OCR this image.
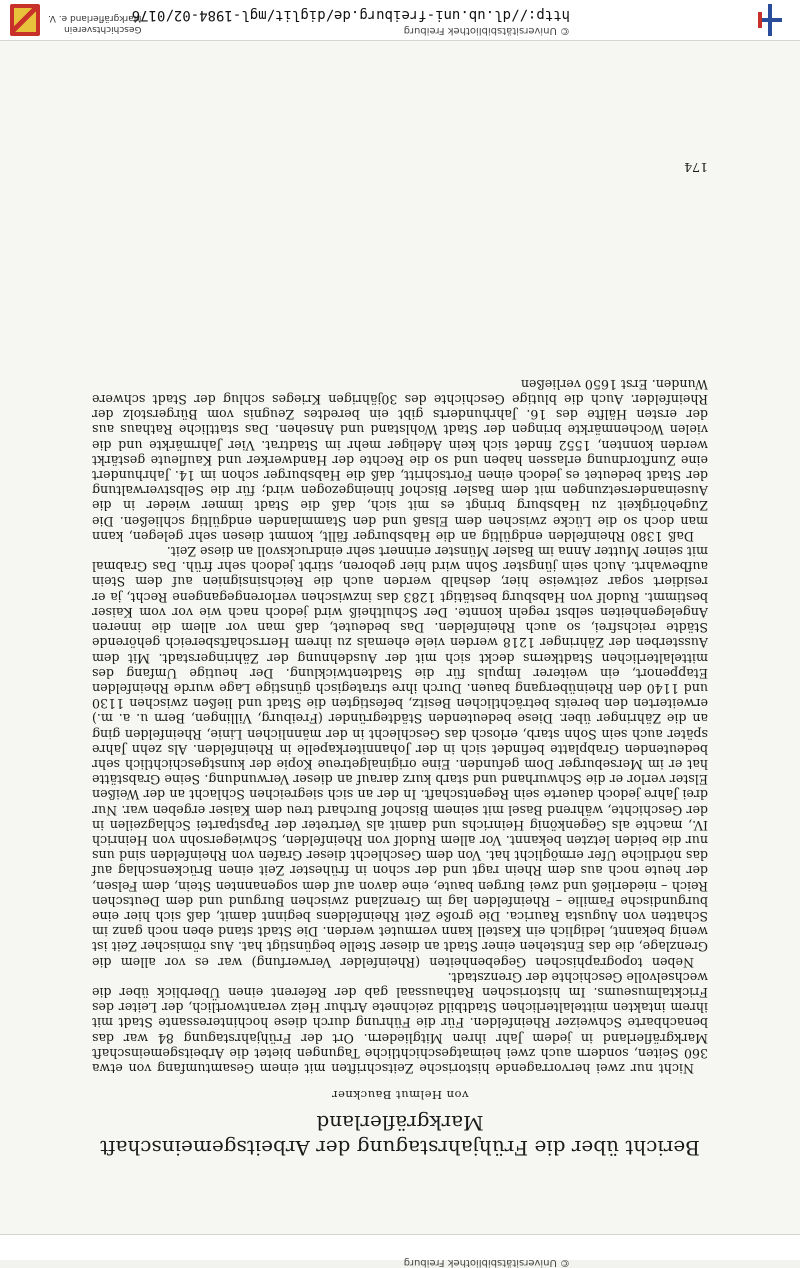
© Universitätsbibliothek Freiburg
http://dl.ub.uni-freiburg.de/diglit/mgl-1984-02/0176
Geschichtsverein
Markgräflerland e. V.
Bericht über die Frühjahrstagung der Arbeitsgemeinschaft
Markgräflerland
von Helmut Bauckner

Nicht nur zwei hervorragende historische Zeitschriften mit einem Gesamtumfang von etwa 360 Seiten, sondern auch zwei heimatgeschichtliche Tagungen bietet die Arbeitsgemeinschaft Markgräflerland in jedem Jahr ihren Mitgliedern. Ort der Frühjahrstagung 84 war das benachbarte Schweizer Rheinfelden. Für die Führung durch diese hochinteressante Stadt mit ihrem intakten mittelalterlichen Stadtbild zeichnete Arthur Heiz verantwortlich, der Leiter des Fricktalmuseums. Im historischen Rathaussaal gab der Referent einen Überblick über die wechselvolle Geschichte der Grenzstadt.

Neben topographischen Gegebenheiten (Rheinfelder Verwerfung) war es vor allem die Grenzlage, die das Entstehen einer Stadt an dieser Stelle begünstigt hat. Aus römischer Zeit ist wenig bekannt, lediglich ein Kastell kann vermutet werden. Die Stadt stand eben noch ganz im Schatten von Augusta Raurica. Die große Zeit Rheinfeldens beginnt damit, daß sich hier eine burgundische Familie – Rheinfelden lag im Grenzland zwischen Burgund und dem Deutschen Reich – niederließ und zwei Burgen baute, eine davon auf dem sogenannten Stein, dem Felsen, der heute noch aus dem Rhein ragt und der schon in frühester Zeit einen Brückenschlag auf das nördliche Ufer ermöglicht hat. Von dem Geschlecht dieser Grafen von Rheinfelden sind uns nur die beiden letzten bekannt. Vor allem Rudolf von Rheinfelden, Schwiegersohn von Heinrich IV., machte als Gegenkönig Heinrichs und damit als Vertreter der Papstpartei Schlagzeilen in der Geschichte, während Basel mit seinem Bischof Burchard treu dem Kaiser ergeben war. Nur drei Jahre jedoch dauerte sein Regentschaft. In der an sich siegreichen Schlacht an der Weißen Elster verlor er die Schwurhand und starb kurz darauf an dieser Verwundung. Seine Grabstätte hat er im Merseburger Dom gefunden. Eine originalgetreue Kopie der kunstgeschichtlich sehr bedeutenden Grabplatte befindet sich in der Johanniterkapelle in Rheinfelden. Als zehn Jahre später auch sein Sohn starb, erlosch das Geschlecht in der männlichen Linie, Rheinfelden ging an die Zähringer über. Diese bedeutenden Städtegründer (Freiburg, Villingen, Bern u. a. m.) erweiterten den bereits beträchtlichen Besitz, befestigten die Stadt und ließen zwischen 1130 und 1140 den Rheinübergang bauen. Durch ihre strategisch günstige Lage wurde Rheinfelden Etappenort, ein weiterer Impuls für die Stadtentwicklung. Der heutige Umfang des mittelalterlichen Stadtkerns deckt sich mit der Ausdehnung der Zähringerstadt. Mit dem Aussterben der Zähringer 1218 werden viele ehemals zu ihrem Herrschaftsbereich gehörende Städte reichsfrei, so auch Rheinfelden. Das bedeutet, daß man vor allem die inneren Angelegenheiten selbst regeln konnte. Der Schultheiß wird jedoch nach wie vor vom Kaiser bestimmt. Rudolf von Habsburg bestätigt 1283 das inzwischen verlorengegangene Recht, ja er residiert sogar zeitweise hier, deshalb werden auch die Reichsinsignien auf dem Stein aufbewahrt. Auch sein jüngster Sohn wird hier geboren, stirbt jedoch sehr früh. Das Grabmal mit seiner Mutter Anna im Basler Münster erinnert sehr eindrucksvoll an diese Zeit.

Daß 1380 Rheinfelden endgültig an die Habsburger fällt, kommt diesen sehr gelegen, kann man doch so die Lücke zwischen dem Elsaß und den Stammlanden endgültig schließen. Die Zugehörigkeit zu Habsburg bringt es mit sich, daß die Stadt immer wieder in die Auseinandersetzungen mit dem Basler Bischof hineingezogen wird; für die Selbstverwaltung der Stadt bedeutet es jedoch einen Fortschritt, daß die Habsburger schon im 14. Jahrhundert eine Zunftordnung erlassen haben und so die Rechte der Handwerker und Kaufleute gestärkt werden konnten, 1552 findet sich kein Adeliger mehr im Stadtrat. Vier Jahrmärkte und die vielen Wochenmärkte bringen der Stadt Wohlstand und Ansehen. Das stattliche Rathaus aus der ersten Hälfte des 16. Jahrhunderts gibt ein beredtes Zeugnis vom Bürgerstolz der Rheinfelder. Auch die blutige Geschichte des 30jährigen Krieges schlug der Stadt schwere Wunden. Erst 1650 verließen

174
© Universitätsbibliothek Freiburg
